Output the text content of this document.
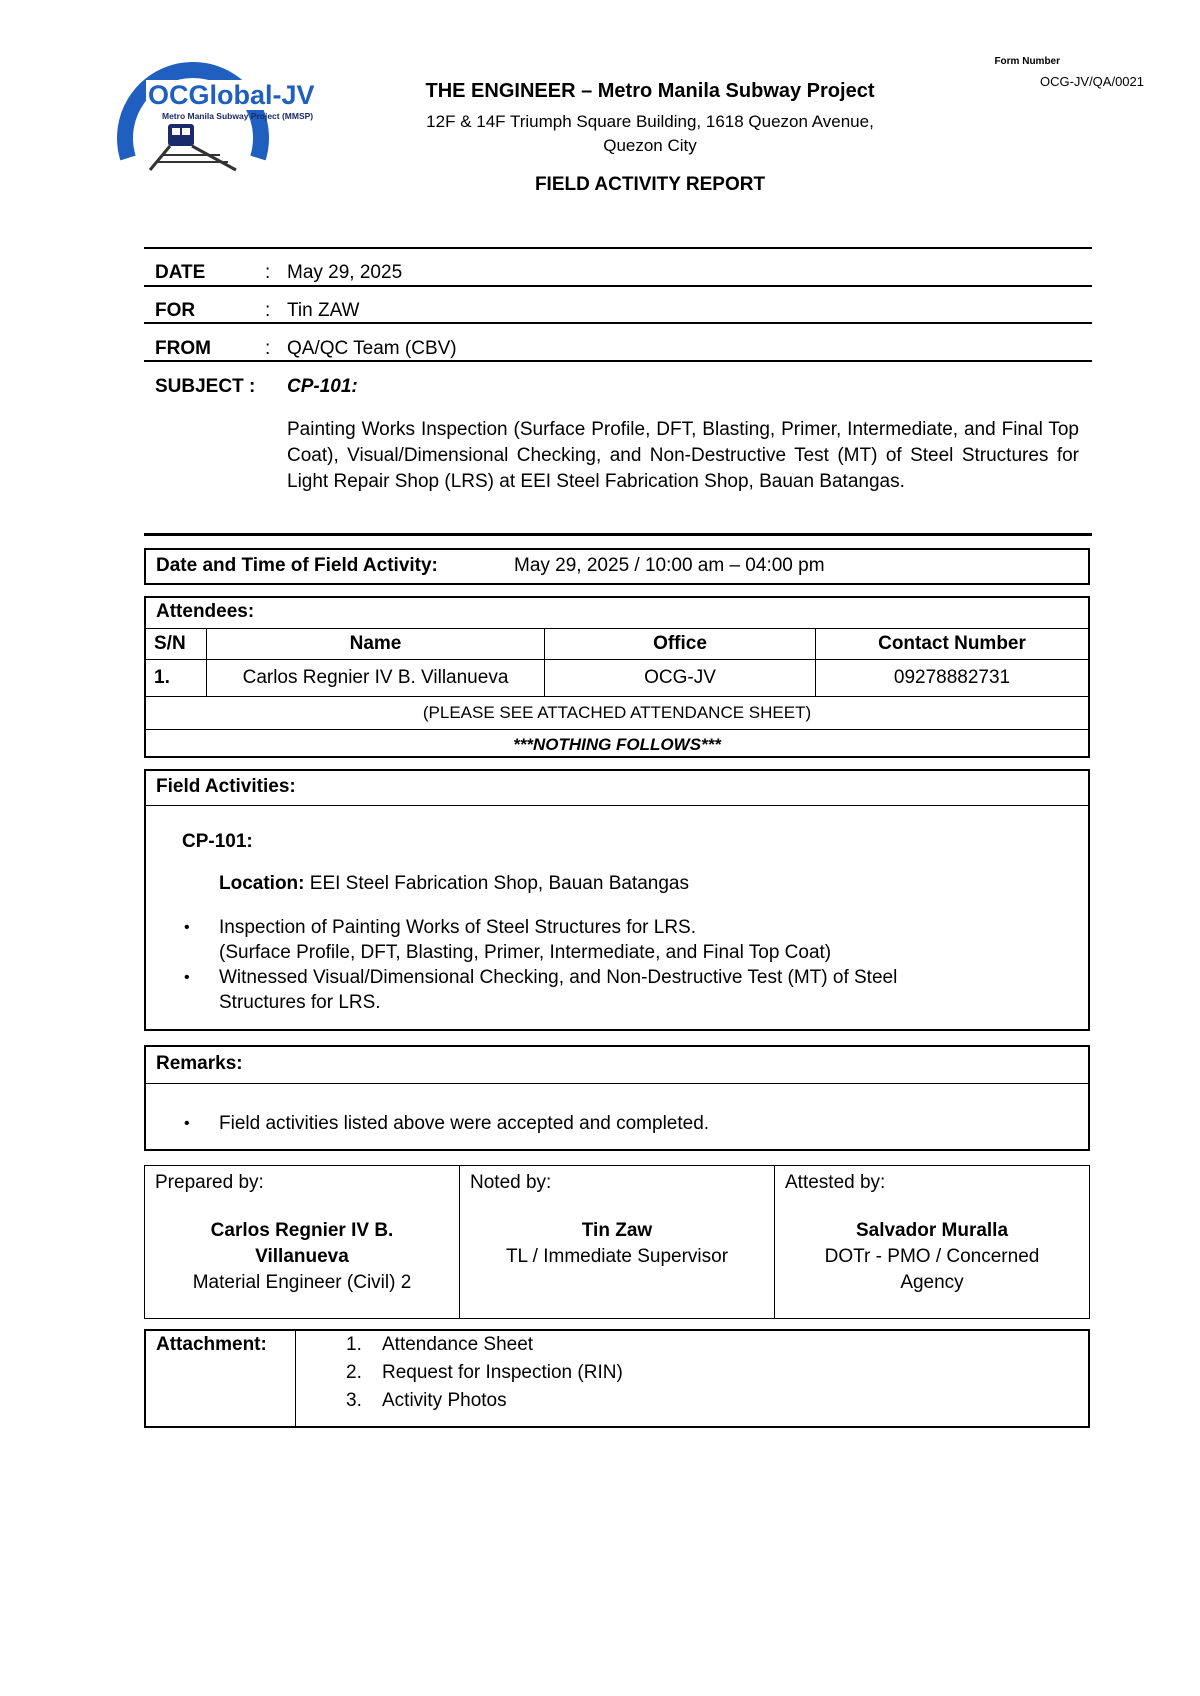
OCGlobal-JV
Metro Manila Subway Project (MMSP)
Form Number
OCG-JV/QA/0021
THE ENGINEER – Metro Manila Subway Project
12F & 14F Triumph Square Building, 1618 Quezon Avenue,
Quezon City
FIELD ACTIVITY REPORT
DATE	: May 29, 2025
FOR	: Tin ZAW
FROM	: QA/QC Team (CBV)
SUBJECT : CP-101:
Painting Works Inspection (Surface Profile, DFT, Blasting, Primer, Intermediate, and Final Top Coat), Visual/Dimensional Checking, and Non-Destructive Test (MT) of Steel Structures for Light Repair Shop (LRS) at EEI Steel Fabrication Shop, Bauan Batangas.
Date and Time of Field Activity:	May 29, 2025 / 10:00 am – 04:00 pm
Attendees:
S/N	Name	Office	Contact Number
1.	Carlos Regnier IV B. Villanueva	OCG-JV	09278882731
(PLEASE SEE ATTACHED ATTENDANCE SHEET)			
***NOTHING FOLLOWS***			
Field Activities:
CP-101:
Location: EEI Steel Fabrication Shop, Bauan Batangas
• Inspection of Painting Works of Steel Structures for LRS.
(Surface Profile, DFT, Blasting, Primer, Intermediate, and Final Top Coat)
• Witnessed Visual/Dimensional Checking, and Non-Destructive Test (MT) of Steel
Structures for LRS.
Remarks:
• Field activities listed above were accepted and completed.
Prepared by:
Carlos Regnier IV B.
Villanueva
Material Engineer (Civil) 2

Noted by:
Tin Zaw
TL / Immediate Supervisor

Attested by:
Salvador Muralla
DOTr - PMO / Concerned
Agency
Attachment:	1. Attendance Sheet
2. Request for Inspection (RIN)
3. Activity Photos
